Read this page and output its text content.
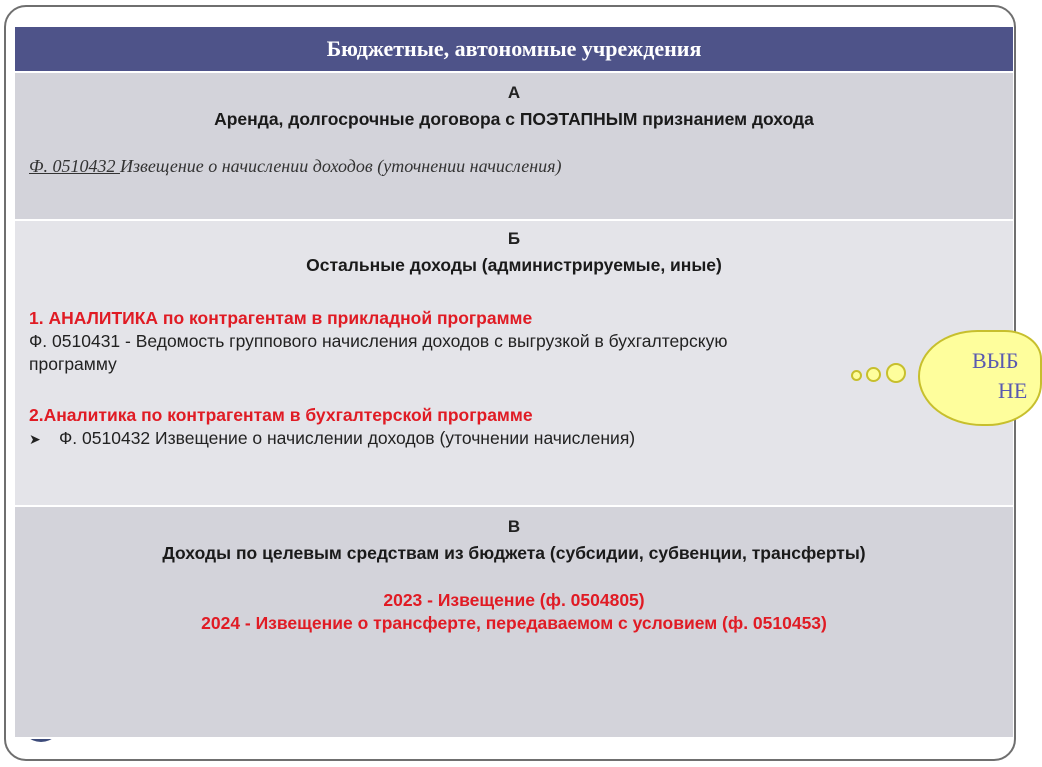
Бюджетные, автономные учреждения
А
Аренда, долгосрочные договора с ПОЭТАПНЫМ признанием дохода
Ф. 0510432 Извещение о начислении доходов (уточнении начисления)
Б
Остальные доходы (администрируемые, иные)
1. АНАЛИТИКА по контрагентам в прикладной программе
Ф. 0510431 - Ведомость группового начисления доходов с выгрузкой в бухгалтерскую
программу
2.Аналитика по контрагентам в бухгалтерской программе
➤ Ф. 0510432 Извещение о начислении доходов (уточнении начисления)
В
Доходы по целевым средствам из бюджета (субсидии, субвенции, трансферты)
2023 - Извещение (ф. 0504805)
2024 - Извещение о трансферте, передаваемом с условием (ф. 0510453)
ВЫБ
НЕ
